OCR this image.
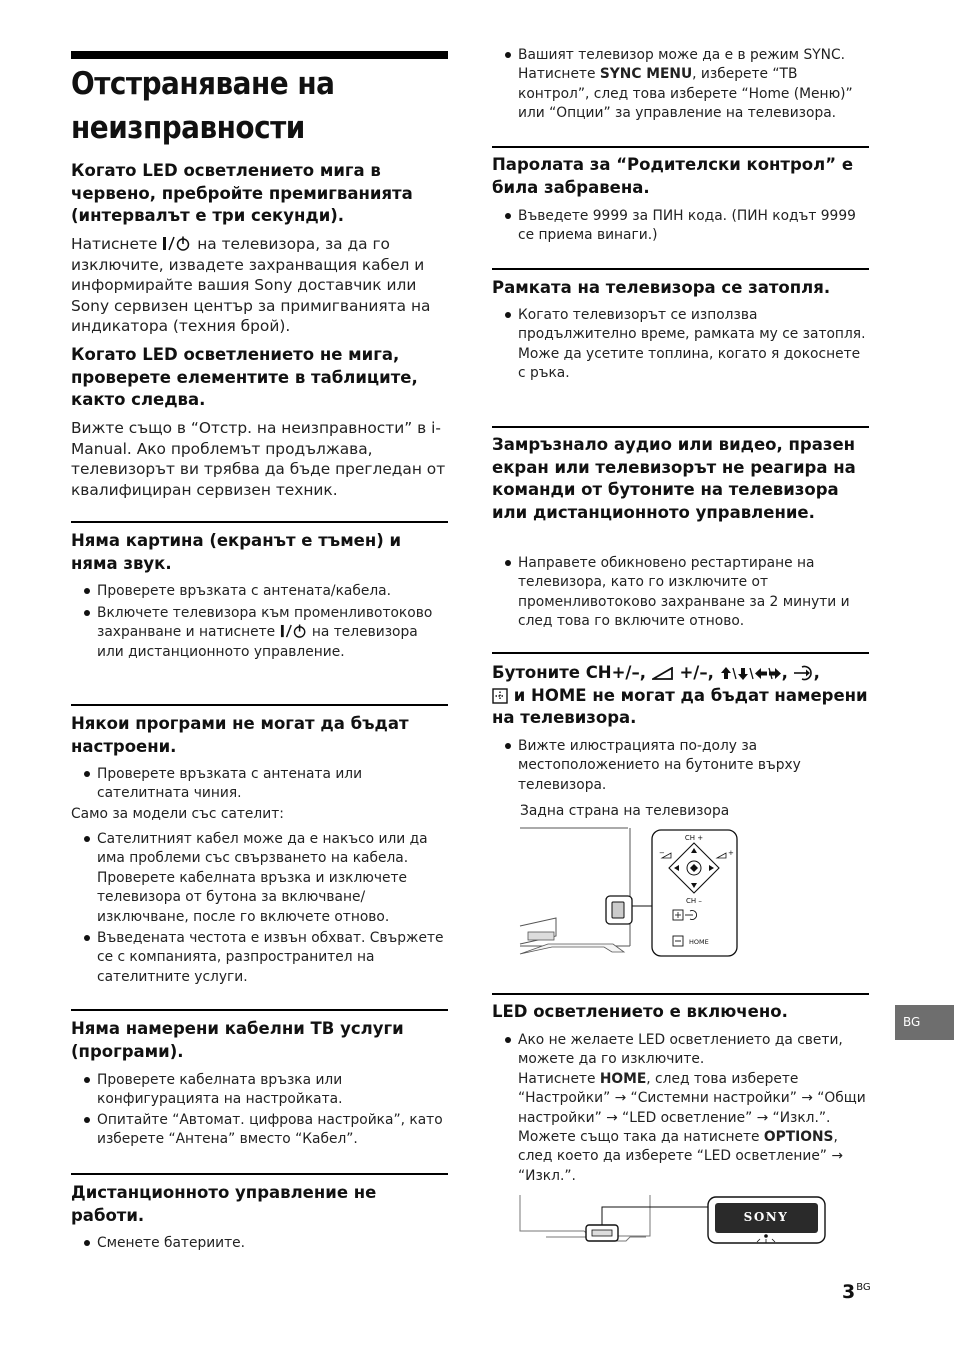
Отстраняване на неизправности
Когато LED осветлението мига в червено, пребройте премигванията (интервалът е три секунди).

Натиснете  на телевизора, за да го изключите, извадете захранващия кабел и информирайте вашия Sony доставчик или Sony сервизен център за примигванията на индикатора (техния брой).

Когато LED осветлението не мига, проверете елементите в таблиците, както следва.

Вижте също в “Отстр. на неизправности” в i-Manual. Ако проблемът продължава, телевизорът ви трябва да бъде прегледан от квалифициран сервизен техник.

Няма картина (екранът е тъмен) и няма звук.

Проверете връзката с антената/кабела.

Включете телевизора към променливотоково захранване и натиснете  на телевизора или дистанционното управление.

Някои програми не могат да бъдат настроени.

Проверете връзката с антената или сателитната чиния.

Само за модели със сателит:

Сателитният кабел може да е накъсо или да има проблеми със свързването на кабела. Проверете кабелната връзка и изключете телевизора от бутона за включване/изключване, после го включете отново.

Въведената честота е извън обхват. Свържете се с компанията, разпространител на сателитните услуги.

Няма намерени кабелни ТВ услуги (програми).

Проверете кабелната връзка или конфигурацията на настройката.

Опитайте “Автомат. цифрова настройка”, като изберете “Антена” вместо “Кабел”.

Дистанционното управление не работи.

Сменете батериите.

Вашият телевизор може да е в режим SYNC. Натиснете SYNC MENU, изберете “ТВ контрол”, след това изберете “Home (Меню)” или “Опции” за управление на телевизора.

Паролата за “Родителски контрол” е била забравена.

Въведете 9999 за ПИН кода. (ПИН кодът 9999 се приема винаги.)

Рамката на телевизора се затопля.
Когато телевизорът се използва продължително време, рамката му се затопля.
Може да усетите топлина, когато я докоснете с ръка.
Замръзнало аудио или видео, празен екран или телевизорът не реагира на команди от бутоните на телевизора или дистанционното управление.

Направете обикновено рестартиране на телевизора, като го изключите от променливотоково захранване за 2 минути и след това го включите отново.

Бутоните CH+/–,  +/–,	, ,
и HOME не могат да бъдат намерени на телевизора.

Вижте илюстрацията по-долу за местоположението на бутоните върху телевизора.

Задна страна на телевизора

CH +
−	+
CH –
HOME
LED осветлението е включено.
Ако не желаете LED осветлението да свети, можете да го изключите.
Натиснете HOME, след това изберете “Настройки” → “Системни настройки” → “Общи настройки” → “LED осветление” → “Изкл.”. Можете също така да натиснете OPTIONS, след което да изберете “LED осветление” → “Изкл.”.
SONY
BG
$3^{BG}$
